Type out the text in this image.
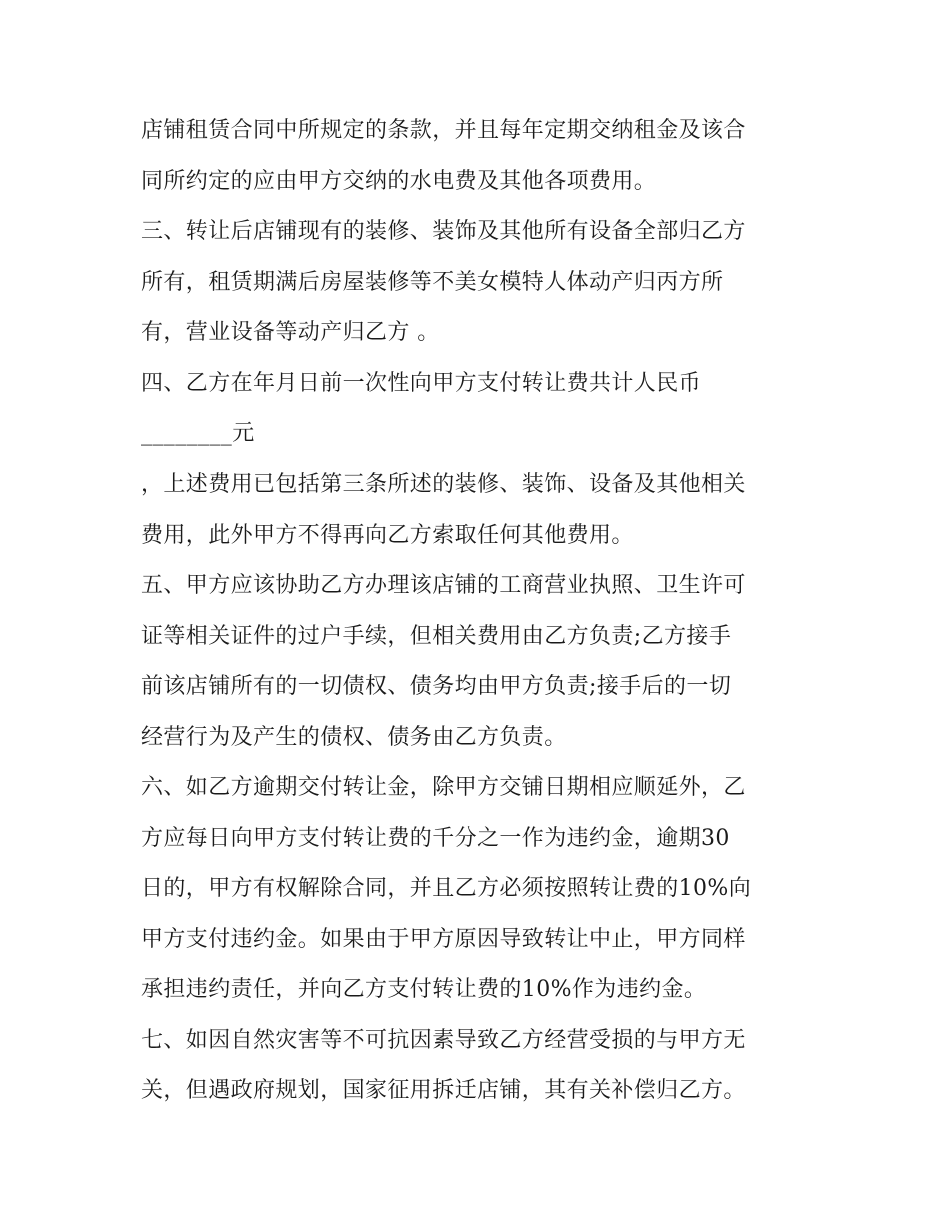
店铺租赁合同中所规定的条款，并且每年定期交纳租金及该合
同所约定的应由甲方交纳的水电费及其他各项费用。
三、转让后店铺现有的装修、装饰及其他所有设备全部归乙方
所有，租赁期满后房屋装修等不美女模特人体动产归丙方所
有，营业设备等动产归乙方 。
四、乙方在年月日前一次性向甲方支付转让费共计人民币
________元
，上述费用已包括第三条所述的装修、装饰、设备及其他相关
费用，此外甲方不得再向乙方索取任何其他费用。
五、甲方应该协助乙方办理该店铺的工商营业执照、卫生许可
证等相关证件的过户手续，但相关费用由乙方负责;乙方接手
前该店铺所有的一切债权、债务均由甲方负责;接手后的一切
经营行为及产生的债权、债务由乙方负责。
六、如乙方逾期交付转让金，除甲方交铺日期相应顺延外，乙
方应每日向甲方支付转让费的千分之一作为违约金，逾期30
日的，甲方有权解除合同，并且乙方必须按照转让费的10%向
甲方支付违约金。如果由于甲方原因导致转让中止，甲方同样
承担违约责任，并向乙方支付转让费的10%作为违约金。
七、如因自然灾害等不可抗因素导致乙方经营受损的与甲方无
关，但遇政府规划，国家征用拆迁店铺，其有关补偿归乙方。
